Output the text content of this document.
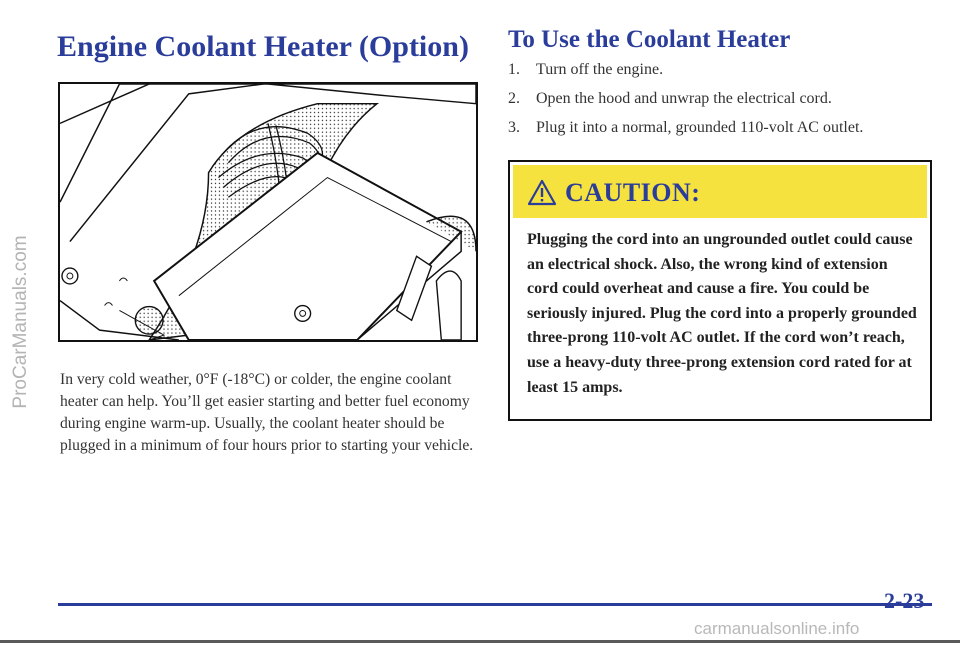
ProCarManuals.com
Engine Coolant Heater (Option)
In very cold weather, 0°F (-18°C) or colder, the engine coolant heater can help. You’ll get easier starting and better fuel economy during engine warm-up. Usually, the coolant heater should be plugged in a minimum of four hours prior to starting your vehicle.
To Use the Coolant Heater
1.	Turn off the engine.
2.	Open the hood and unwrap the electrical cord.
3.	Plug it into a normal, grounded 110-volt AC outlet.
CAUTION:
Plugging the cord into an ungrounded outlet could cause an electrical shock. Also, the wrong kind of extension cord could overheat and cause a fire. You could be seriously injured. Plug the cord into a properly grounded three-prong 110-volt AC outlet. If the cord won’t reach, use a heavy-duty three-prong extension cord rated for at least 15 amps.
2-23
carmanualsonline.info
